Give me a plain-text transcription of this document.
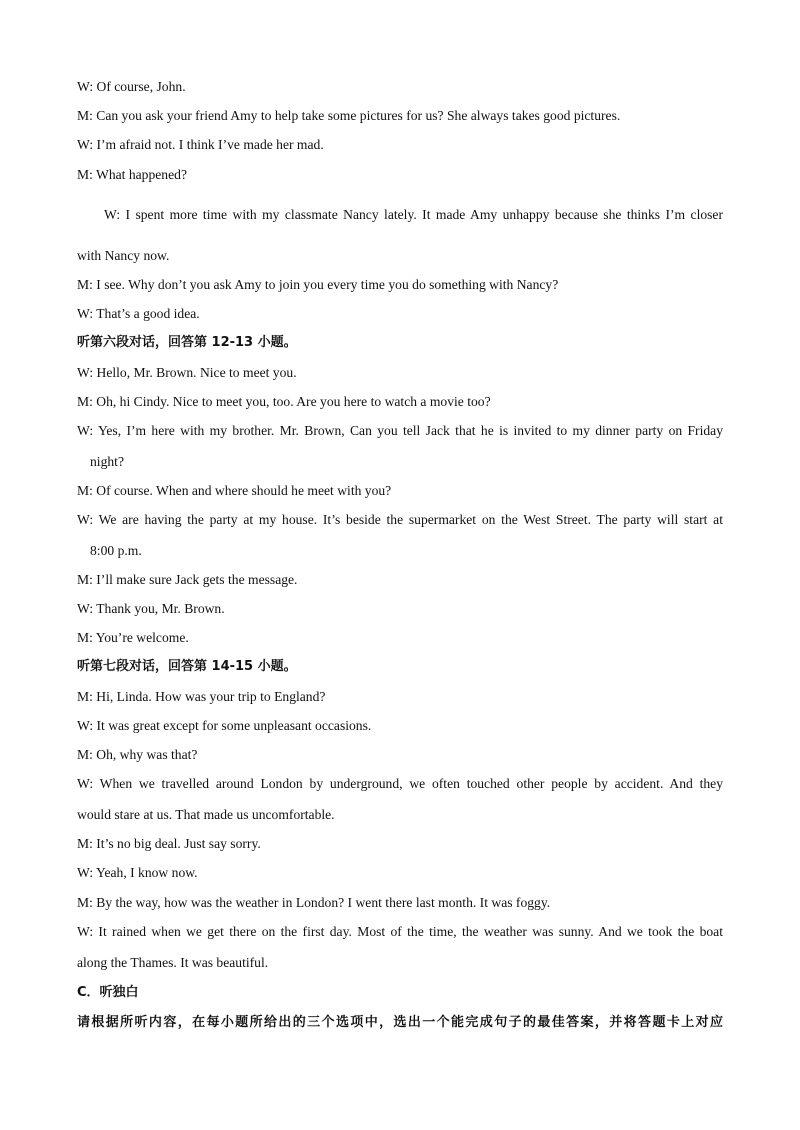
W: Of course, John.
M: Can you ask your friend Amy to help take some pictures for us? She always takes good pictures.
W: I’m afraid not. I think I’ve made her mad.
M: What happened?
W: I spent more time with my classmate Nancy lately. It made Amy unhappy because she thinks I’m closer
with Nancy now.
M: I see. Why don’t you ask Amy to join you every time you do something with Nancy?
W: That’s a good idea.
听第六段对话，回答第 12-13 小题。
W: Hello, Mr. Brown. Nice to meet you.
M: Oh, hi Cindy. Nice to meet you, too. Are you here to watch a movie too?
W: Yes, I’m here with my brother. Mr. Brown, Can you tell Jack that he is invited to my dinner party on Friday
night?
M: Of course. When and where should he meet with you?
W: We are having the party at my house. It’s beside the supermarket on the West Street. The party will start at
8:00 p.m.
M: I’ll make sure Jack gets the message.
W: Thank you, Mr. Brown.
M: You’re welcome.
听第七段对话，回答第 14-15 小题。
M: Hi, Linda. How was your trip to England?
W: It was great except for some unpleasant occasions.
M: Oh, why was that?
W: When we travelled around London by underground, we often touched other people by accident. And they
would stare at us. That made us uncomfortable.
M: It’s no big deal. Just say sorry.
W: Yeah, I know now.
M: By the way, how was the weather in London? I went there last month. It was foggy.
W: It rained when we get there on the first day. Most of the time, the weather was sunny. And we took the boat
along the Thames. It was beautiful.
C．听独白
请根据所听内容，在每小题所给出的三个选项中，选出一个能完成句子的最佳答案，并将答题卡上对应
